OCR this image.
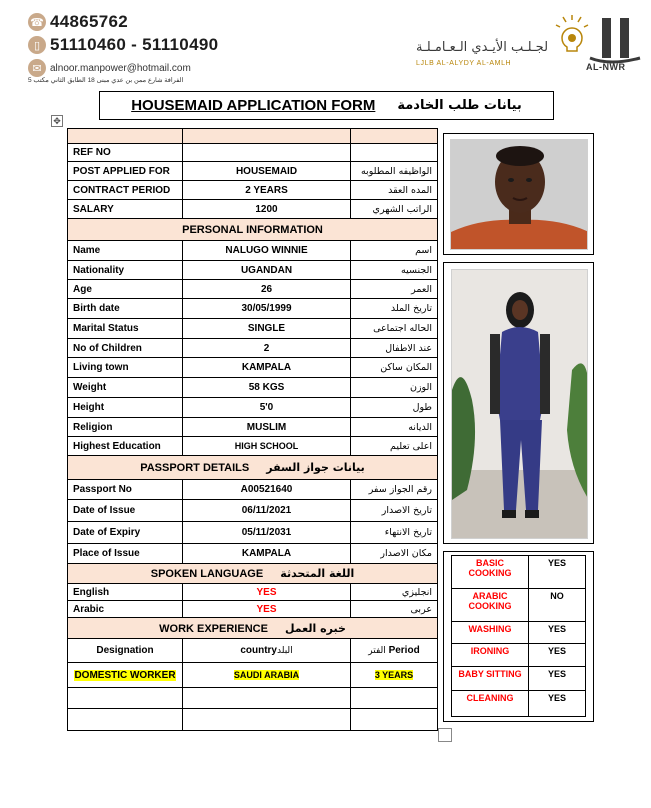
☎ 44865762
▯ 51110460 - 51110490
✉ alnoor.manpower@hotmail.com
الفرافة شارع ممن بن عدي مبنى 18 الطابق الثاني مكتب 5
لجـلـب الأيـدي الـعـامـلـة
LJLB AL-ALYDY AL-AMLH	AL-NWR
HOUSEMAID APPLICATION FORM بيانات طلب الخادمة
✥

REF NO		
POST APPLIED FOR	HOUSEMAID	الواظيفه المطلوبه
CONTRACT PERIOD	2 YEARS	المده العقد
SALARY	1200	الراتب الشهري
PERSONAL INFORMATION		
Name	NALUGO WINNIE	اسم
Nationality	UGANDAN	الجنسيه
Age	26	العمر
Birth date	30/05/1999	تاريخ الملد
Marital Status	SINGLE	الحاله اجتماعى
No of Children	2	عند الاطفال
Living town	KAMPALA	المكان ساكن
Weight	58 KGS	الوزن
Height	5'0	طول
Religion	MUSLIM	الديانه
Highest Education	HIGH SCHOOL	اعلى تعليم
PASSPORT DETAILS بيانات جواز السفر		
Passport No	A00521640	رقم الجواز سفر
Date of Issue	06/11/2021	تاريخ الاصدار
Date of Expiry	05/11/2031	تاريخ الانتهاء
Place of Issue	KAMPALA	مكان الاصدار
SPOKEN LANGUAGE اللغة المتحدثة		
English	YES	انجليزي
Arabic	YES	عربى
WORK EXPERIENCE خبره العمل		
Designation	countryالبلد	الفتر Period
DOMESTIC WORKER	SAUDI ARABIA	3 YEARS

BASIC COOKING	YES
ARABIC COOKING	NO
WASHING	YES
IRONING	YES
BABY SITTING	YES
CLEANING	YES
